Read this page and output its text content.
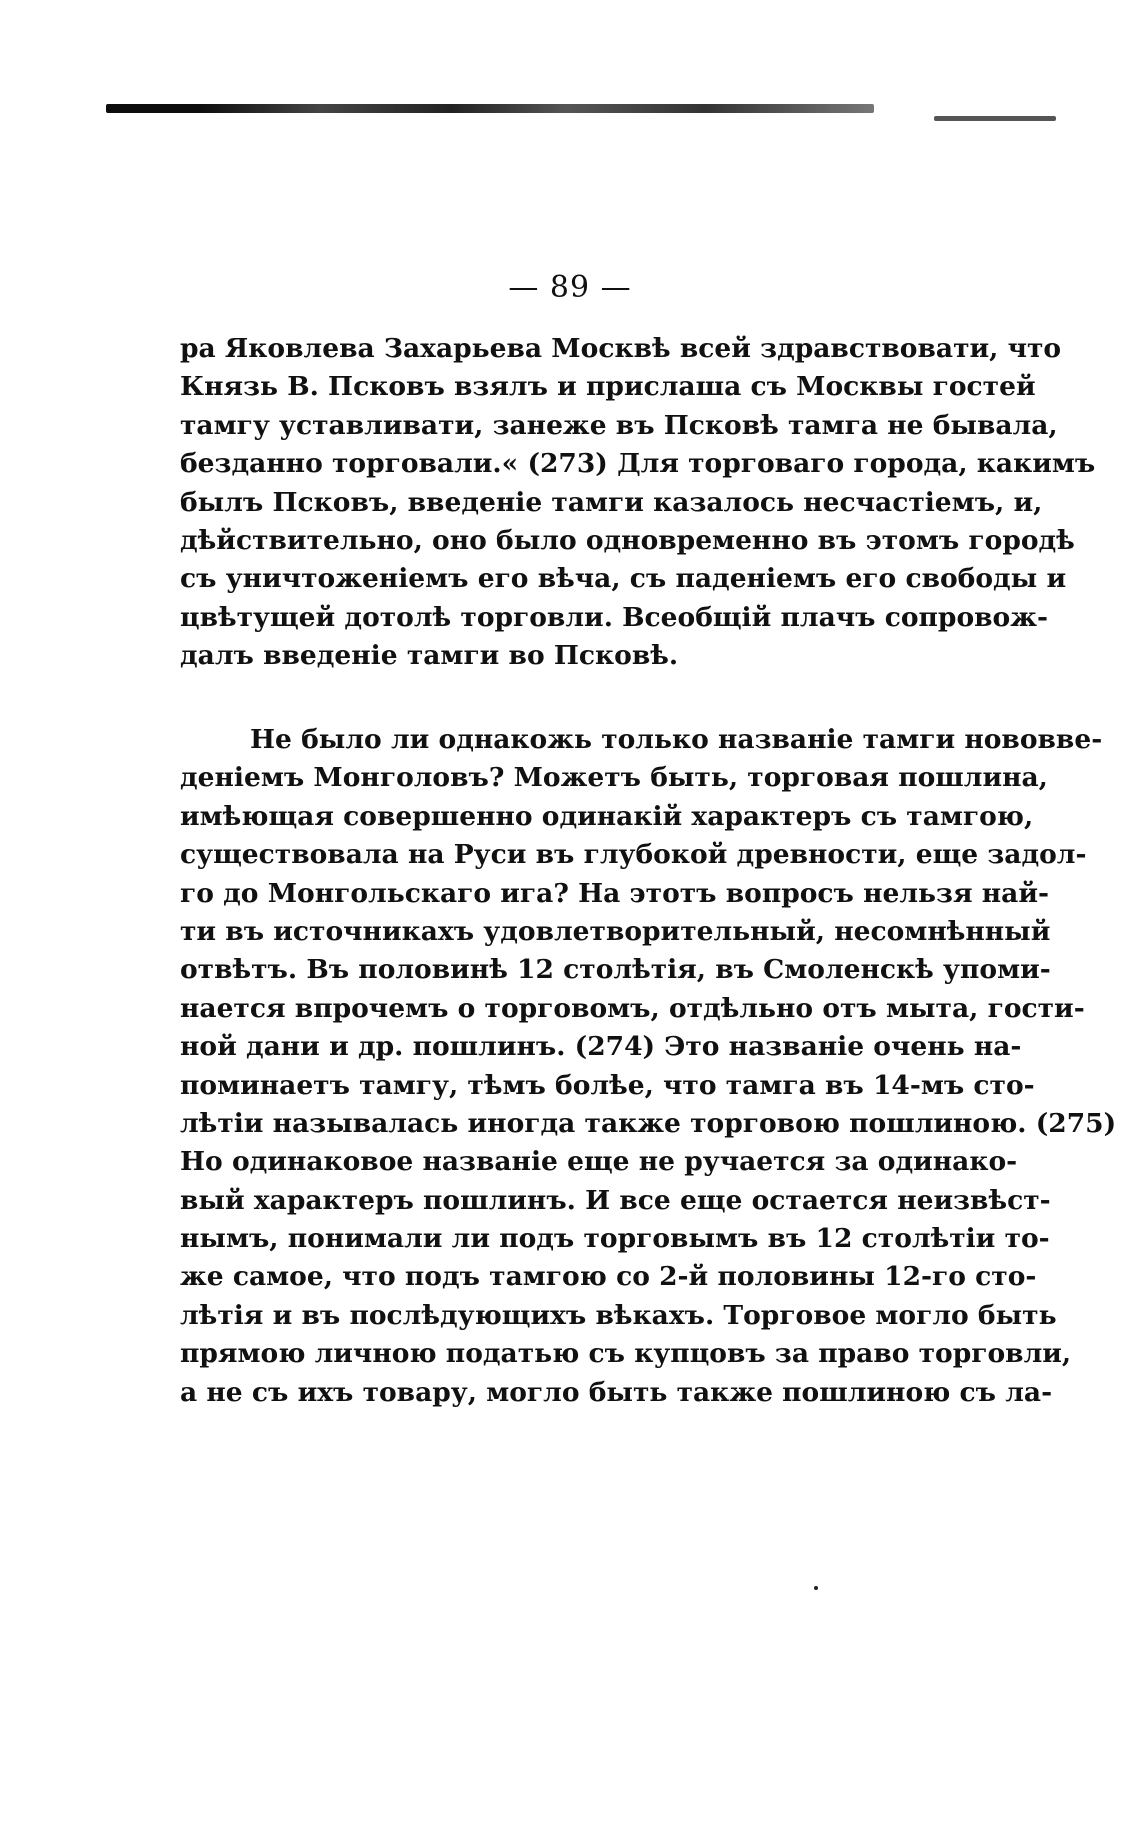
— 89 —
ра Яковлева Захарьева Москвѣ всей здравствовати, что
Князь В. Псковъ взялъ и прислаша съ Москвы гостей
тамгу уставливати, занеже въ Псковѣ тамга не бывала,
безданно торговали.« (273) Для торговаго города, какимъ
былъ Псковъ, введеніе тамги казалось несчастіемъ, и,
дѣйствительно, оно было одновременно въ этомъ городѣ
съ уничтоженіемъ его вѣча, съ паденіемъ его свободы и
цвѣтущей дотолѣ торговли. Всеобщій плачъ сопровож-
далъ введеніе тамги во Псковѣ.
Не было ли однакожь только названіе тамги нововве-
деніемъ Монголовъ? Можетъ быть, торговая пошлина,
имѣющая совершенно одинакій характеръ съ тамгою,
существовала на Руси въ глубокой древности, еще задол-
го до Монгольскаго ига? На этотъ вопросъ нельзя най-
ти въ источникахъ удовлетворительный, несомнѣнный
отвѣтъ. Въ половинѣ 12 столѣтія, въ Смоленскѣ упоми-
нается впрочемъ о торговомъ, отдѣльно отъ мыта, гости-
ной дани и др. пошлинъ. (274) Это названіе очень на-
поминаетъ тамгу, тѣмъ болѣе, что тамга въ 14-мъ сто-
лѣтіи называлась иногда также торговою пошлиною. (275)
Но одинаковое названіе еще не ручается за одинако-
вый характеръ пошлинъ. И все еще остается неизвѣст-
нымъ, понимали ли подъ торговымъ въ 12 столѣтіи то-
же самое, что подъ тамгою со 2-й половины 12-го сто-
лѣтія и въ послѣдующихъ вѣкахъ. Торговое могло быть
прямою личною податью съ купцовъ за право торговли,
а не съ ихъ товару, могло быть также пошлиною съ ла-
